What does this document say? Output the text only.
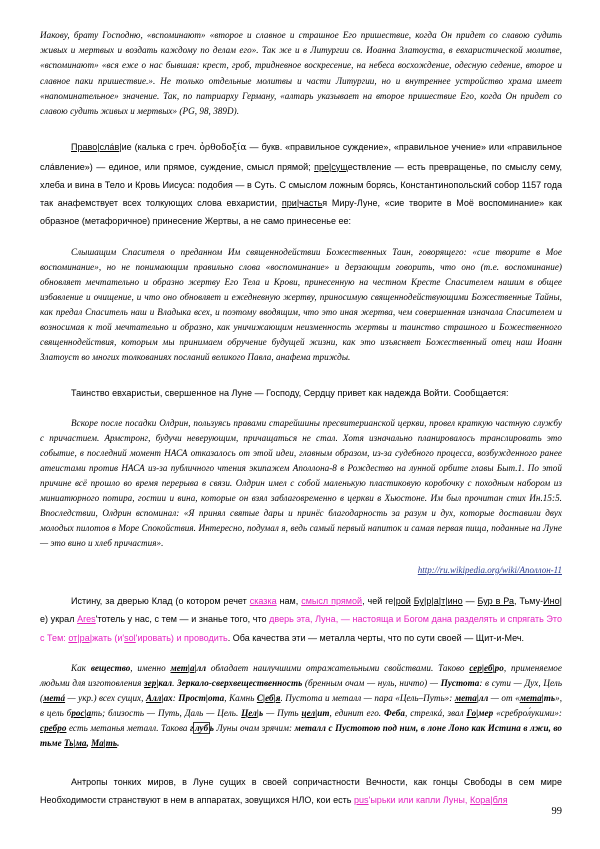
Иакову, брату Господню, «вспоминают» «второе и славное и страшное Его пришествие, когда Он придет со славою судить живых и мертвых и воздать каждому по делам его». Так же и в Литургии св. Иоанна Златоуста, в евхаристической молитве, «вспоминают» «вся еже о нас бывшая: крест, гроб, тридневное воскресение, на небеса восхождение, одесную седение, второе и славное паки пришествие.». Не только отдельные молитвы и части Литургии, но и внутреннее устройство храма имеет «напоминательное» значение. Так, по патриарху Герману, «алтарь указывает на второе пришествие Его, когда Он придет со славою судить живых и мертвых» (PG, 98, 389D).

Право|слáв|ие (калька с греч. ὀρθοδοξία — букв. «правильное суждение», «правильное учение» или «правильное слáвление») — единое, или прямое, суждение, смысл прямой; пре|существление — есть превращенье, по смыслу сему, хлеба и вина в Тело и Кровь Иисуса: подобия — в Суть. С смыслом ложным борясь, Константинопольский собор 1157 года так анафемствует всех толкующих слова евхаристии, при|частья Миру-Луне, «сие творите в Моё воспоминание» как образное (метафоричное) принесение Жертвы, а не само принесенье ее:

Слышащим Спасителя о преданном Им священнодействии Божественных Таин, говорящего: «сие творите в Мое воспоминание», но не понимающим правильно слова «воспоминание» и дерзающим говорить, что оно (т.е. воспоминание) обновляет мечтательно и образно жертву Его Тела и Крови, принесенную на честном Кресте Спасителем нашим в общее избавление и очищение, и что оно обновляет и ежедневную жертву, приносимую священнодействующими Божественные Тайны, как предал Спаситель наш и Владыка всех, и поэтому вводящим, что это иная жертва, чем совершенная изначала Спасителем и возносимая к той мечтательно и образно, как уничижающим неизменность жертвы и таинство страшного и Божественного священнодействия, которым мы принимаем обручение будущей жизни, как это изъясняет Божественный отец наш Иоанн Златоуст во многих толкованиях посланий великого Павла, анафема трижды.

Таинство евхаристьи, свершенное на Луне — Господу, Сердцу привет как надежда Войти. Сообщается:

Вскоре после посадки Олдрин, пользуясь правами старейшины пресвитерианской церкви, провел краткую частную службу с причастием. Армстронг, будучи неверующим, причащаться не стал. Хотя изначально планировалось транслировать это событие, в последний момент НАСА отказалось от этой идеи, главным образом, из-за судебного процесса, возбужденного ранее атеистами против НАСА из-за публичного чтения экипажем Аполлона-8 в Рождество на лунной орбите главы Быт.1. По этой причине всё прошло во время перерыва в связи. Олдрин имел с собой маленькую пластиковую коробочку с походным набором из миниатюрного потира, гостии и вина, которые он взял заблаговременно в церкви в Хьюстоне. Им был прочитан стих Ин.15:5. Впоследствии, Олдрин вспоминал: «Я принял святые дары и принёс благодарность за разум и дух, которые доставили двух молодых пилотов в Море Спокойствия. Интересно, подумал я, ведь самый первый напиток и самая первая пища, поданные на Луне — это вино и хлеб причастия».

http://ru.wikipedia.org/wiki/Аполлон-11

Истину, за дверью Клад (о котором речет сказка нам, смысл прямой, чей ге|рой Бу|р|а|т|ино — Бур в Ра, Тьму-Ино|е) украл Ares'тотель у нас, с тем — и знанье того, что дверь эта, Луна, — настояща и Богом дана разделять и спрягать Это с Тем: от|ра|жать (и'sol'ировать) и проводить. Оба качества эти — металла черты, что по сути своей — Щит-и-Меч.

Как вещество, именно мет|а|лл обладает наилучшими отражательными свойствами. Таково сер|еб|ро, применяемое людьми для изготовления зер|кал. Зеркало-сверхвещественность (бренным очам — нуль, ничто) — Пустота: в сути — Дух, Цель (метá — укр.) всех сущих, Алл|ах: Прост|ота, Камнь С|еб|я. Пустота и металл — пара «Цель–Путь»: мета|лл — от «мета|ть», в цель брос|ать; близость — Путь, Даль — Цель. Цел|ь — Путь цел|ит, единит его. Феба, стрелкá, звал Го|мер «среброл́укими»: сребро есть метанья металл. Такова г луб ь Луны очам зрячим: металл с Пустотою под ним, в лоне Лоно как Истина в лжи, во тьме Ть|ма, Ма|ть.

Антропы тонких миров, в Луне сущих в своей сопричастности Вечности, как гонцы Свободы в сем мире Необходимости странствуют в нем в аппаратах, зовущихся НЛО, кои есть pus'ырьки или капли Луны, Кора|бля

99
